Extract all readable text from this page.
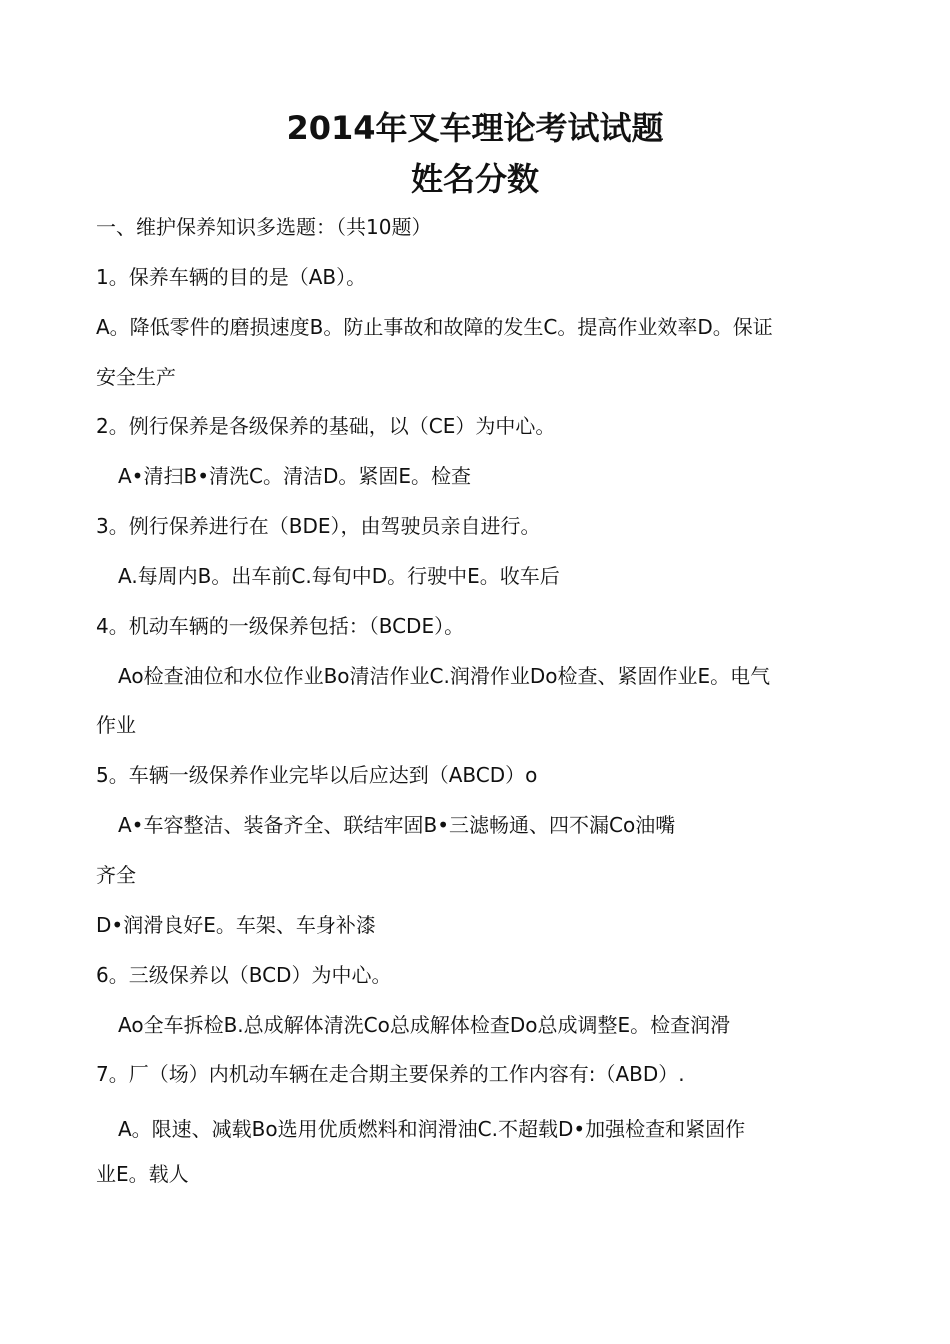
2014年叉车理论考试试题
姓名分数
一、维护保养知识多选题：（共10题）
1。保养车辆的目的是（AB）。
A。降低零件的磨损速度B。防止事故和故障的发生C。提高作业效率D。保证
安全生产
2。例行保养是各级保养的基础，以（CE）为中心。
A•清扫B•清洗C。清洁D。紧固E。检查
3。例行保养进行在（BDE），由驾驶员亲自进行。
A.每周内B。出车前C.每旬中D。行驶中E。收车后
4。机动车辆的一级保养包括：（BCDE）。
Ao检查油位和水位作业Bo清洁作业C.润滑作业Do检查、紧固作业E。电气
作业
5。车辆一级保养作业完毕以后应达到（ABCD）o
A•车容整洁、装备齐全、联结牢固B•三滤畅通、四不漏Co油嘴
齐全
D•润滑良好E。车架、车身补漆
6。三级保养以（BCD）为中心。
Ao全车拆检B.总成解体清洗Co总成解体检查Do总成调整E。检查润滑
7。厂（场）内机动车辆在走合期主要保养的工作内容有:（ABD）.
A。限速、减载Bo选用优质燃料和润滑油C.不超载D•加强检查和紧固作
业E。载人
